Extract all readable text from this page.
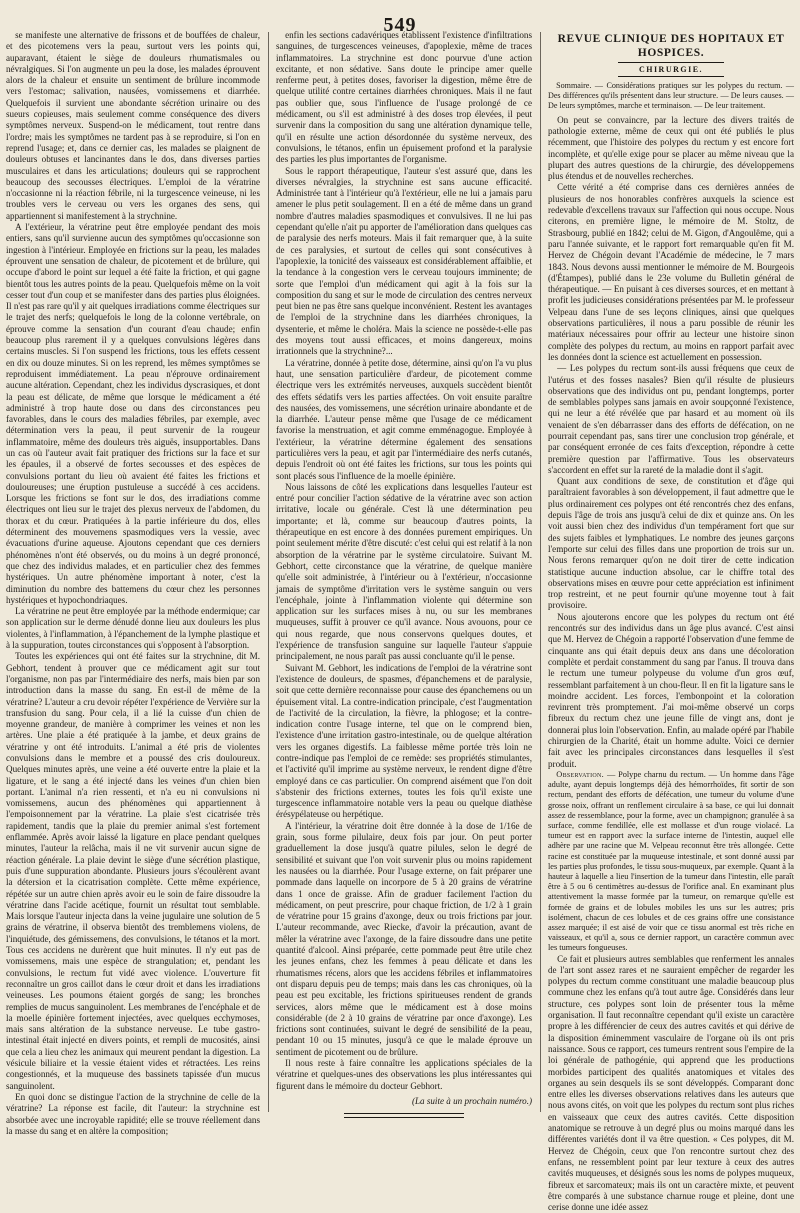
549

se manifeste une alternative de frissons et de bouffées de chaleur, et des picotemens vers la peau, surtout vers les points qui, auparavant, étaient le siège de douleurs rhumatismales ou névralgiques. Si l'on augmente un peu la dose, les malades éprouvent alors de la chaleur et ensuite un sentiment de brûlure incommode vers l'estomac; salivation, nausées, vomissemens et diarrhée. Quelquefois il survient une abondante sécrétion urinaire ou des sueurs copieuses, mais seulement comme conséquence des divers symptômes nerveux. Suspend-on le médicament, tout rentre dans l'ordre; mais les symptômes ne tardent pas à se reproduire, si l'on en reprend l'usage; et, dans ce dernier cas, les malades se plaignent de douleurs obtuses et lancinantes dans le dos, dans diverses parties musculaires et dans les articulations; douleurs qui se rapprochent beaucoup des secousses électriques. L'emploi de la vératrine n'occasionne ni la réaction fébrile, ni la turgescence veineuse, ni les troubles vers le cerveau ou vers les organes des sens, qui appartiennent si manifestement à la strychnine.

A l'extérieur, la vératrine peut être employée pendant des mois entiers, sans qu'il survienne aucun des symptômes qu'occasionne son ingestion à l'intérieur. Employée en frictions sur la peau, les malades éprouvent une sensation de chaleur, de picotement et de brûlure, qui occupe d'abord le point sur lequel a été faite la friction, et qui gagne bientôt tous les autres points de la peau. Quelquefois même on la voit cesser tout d'un coup et se manifester dans des parties plus éloignées. Il n'est pas rare qu'il y ait quelques irradiations comme électriques sur le trajet des nerfs; quelquefois le long de la colonne vertébrale, on éprouve comme la sensation d'un courant d'eau chaude; enfin beaucoup plus rarement il y a quelques convulsions légères dans certains muscles. Si l'on suspend les frictions, tous les effets cessent en dix ou douze minutes. Si on les reprend, les mêmes symptômes se reproduisent immédiatement. La peau n'éprouve ordinairement aucune altération. Cependant, chez les individus dyscrasiques, et dont la peau est délicate, de même que lorsque le médicament a été administré à trop haute dose ou dans des circonstances peu favorables, dans le cours des maladies fébriles, par exemple, avec détermination vers la peau, il peut survenir de la rougeur inflammatoire, même des douleurs très aiguës, insupportables. Dans un cas où l'auteur avait fait pratiquer des frictions sur la face et sur les épaules, il a observé de fortes secousses et des espèces de convulsions portant du lieu où avaient été faites les frictions et douloureuses; une éruption pustuleuse a succédé à ces accidens. Lorsque les frictions se font sur le dos, des irradiations comme électriques ont lieu sur le trajet des plexus nerveux de l'abdomen, du thorax et du cœur. Pratiquées à la partie inférieure du dos, elles déterminent des mouvemens spasmodiques vers la vessie, avec évacuations d'urine aqueuse. Ajoutons cependant que ces derniers phénomènes n'ont été observés, ou du moins à un degré prononcé, que chez des individus malades, et en particulier chez des femmes hystériques. Un autre phénomène important à noter, c'est la diminution du nombre des battemens du cœur chez les personnes hystériques et hypochondriaques.

La vératrine ne peut être employée par la méthode endermique; car son application sur le derme dénudé donne lieu aux douleurs les plus violentes, à l'inflammation, à l'épanchement de la lymphe plastique et à la suppuration, toutes circonstances qui s'opposent à l'absorption.

Toutes les expériences qui ont été faites sur la strychnine, dit M. Gebhort, tendent à prouver que ce médicament agit sur tout l'organisme, non pas par l'intermédiaire des nerfs, mais bien par son introduction dans la masse du sang. En est-il de même de la vératrine? L'auteur a cru devoir répéter l'expérience de Vervière sur la transfusion du sang. Pour cela, il a lié la cuisse d'un chien de moyenne grandeur, de manière à comprimer les veines et non les artères. Une plaie a été pratiquée à la jambe, et deux grains de vératrine y ont été introduits. L'animal a été pris de violentes convulsions dans le membre et a poussé des cris douloureux. Quelques minutes après, une veine a été ouverte entre la plaie et la ligature, et le sang a été injecté dans les veines d'un chien bien portant. L'animal n'a rien ressenti, et n'a eu ni convulsions ni vomissemens, aucun des phénomènes qui appartiennent à l'empoisonnement par la vératrine. La plaie s'est cicatrisée très rapidement, tandis que la plaie du premier animal s'est fortement enflammée. Après avoir laissé la ligature en place pendant quelques minutes, l'auteur la relâcha, mais il ne vit survenir aucun signe de réaction générale. La plaie devint le siège d'une sécrétion plastique, puis d'une suppuration abondante. Plusieurs jours s'écoulèrent avant la détersion et la cicatrisation complète. Cette même expérience, répétée sur un autre chien après avoir eu le soin de faire dissoudre la vératrine dans l'acide acétique, fournit un résultat tout semblable. Mais lorsque l'auteur injecta dans la veine jugulaire une solution de 5 grains de vératrine, il observa bientôt des tremblemens violens, de l'inquiétude, des gémissemens, des convulsions, le tétanos et la mort. Tous ces accidens ne durèrent que huit minutes. Il n'y eut pas de vomissemens, mais une espèce de strangulation; et, pendant les convulsions, le rectum fut vidé avec violence. L'ouverture fit reconnaître un gros caillot dans le cœur droit et dans les irradiations veineuses. Les poumons étaient gorgés de sang; les bronches remplies de mucus sanguinolent. Les membranes de l'encéphale et de la moelle épinière fortement injectées, avec quelques ecchymoses, mais sans altération de la substance nerveuse. Le tube gastro-intestinal était injecté en divers points, et rempli de mucosités, ainsi que cela a lieu chez les animaux qui meurent pendant la digestion. La vésicule biliaire et la vessie étaient vides et rétractées. Les reins congestionnés, et la muqueuse des bassinets tapissée d'un mucus sanguinolent.

En quoi donc se distingue l'action de la strychnine de celle de la vératrine? La réponse est facile, dit l'auteur: la strychnine est absorbée avec une incroyable rapidité; elle se trouve réellement dans la masse du sang et en altère la composition;

enfin les sections cadavériques établissent l'existence d'infiltrations sanguines, de turgescences veineuses, d'apoplexie, même de traces inflammatoires. La strychnine est donc pourvue d'une action excitante, et non sédative. Sans doute le principe amer quelle renferme peut, à petites doses, favoriser la digestion, même être de quelque utilité contre certaines diarrhées chroniques. Mais il ne faut pas oublier que, sous l'influence de l'usage prolongé de ce médicament, ou s'il est administré à des doses trop élevées, il peut survenir dans la composition du sang une altération dynamique telle, qu'il en résulte une action désordonnée du système nerveux, des convulsions, le tétanos, enfin un épuisement profond et la paralysie des parties les plus importantes de l'organisme.

Sous le rapport thérapeutique, l'auteur s'est assuré que, dans les diverses névralgies, la strychnine est sans aucune efficacité. Administrée tant à l'intérieur qu'à l'extérieur, elle ne lui a jamais paru amener le plus petit soulagement. Il en a été de même dans un grand nombre d'autres maladies spasmodiques et convulsives. Il ne lui pas cependant qu'elle n'ait pu apporter de l'amélioration dans quelques cas de paralysie des nerfs moteurs. Mais il fait remarquer que, à la suite de ces paralysies, et surtout de celles qui sont consécutives à l'apoplexie, la tonicité des vaisseaux est considérablement affaiblie, et la tendance à la congestion vers le cerveau toujours imminente; de sorte que l'emploi d'un médicament qui agit à la fois sur la composition du sang et sur le mode de circulation des centres nerveux peut bien ne pas être sans quelque inconvénient. Restent les avantages de l'emploi de la strychnine dans les diarrhées chroniques, la dysenterie, et même le choléra. Mais la science ne possède-t-elle pas des moyens tout aussi efficaces, et moins dangereux, moins irrationnels que la strychnine?...

La vératrine, donnée à petite dose, détermine, ainsi qu'on l'a vu plus haut, une sensation particulière d'ardeur, de picotement comme électrique vers les extrémités nerveuses, auxquels succèdent bientôt des effets sédatifs vers les parties affectées. On voit ensuite paraître des nausées, des vomissemens, une sécrétion urinaire abondante et de la diarrhée. L'auteur pense même que l'usage de ce médicament favorise la menstruation, et agit comme emménagogue. Employée à l'extérieur, la vératrine détermine également des sensations particulières vers la peau, et agit par l'intermédiaire des nerfs cutanés, depuis l'endroit où ont été faites les frictions, sur tous les points qui sont placés sous l'influence de la moelle épinière.

Nous laissons de côté les explications dans lesquelles l'auteur est entré pour concilier l'action sédative de la vératrine avec son action irritative, locale ou générale. C'est là une détermination peu importante; et là, comme sur beaucoup d'autres points, la thérapeutique en est encore à des données purement empiriques. Un point seulement mérite d'être discuté: c'est celui qui est relatif à la non absorption de la vératrine par le système circulatoire. Suivant M. Gebhort, cette circonstance que la vératrine, de quelque manière qu'elle soit administrée, à l'intérieur ou à l'extérieur, n'occasionne jamais de symptôme d'irritation vers le système sanguin ou vers l'encéphale, jointe à l'inflammation violente qui détermine son application sur les surfaces mises à nu, ou sur les membranes muqueuses, suffit à prouver ce qu'il avance. Nous avouons, pour ce qui nous regarde, que nous conservons quelques doutes, et l'expérience de transfusion sanguine sur laquelle l'auteur s'appuie principalement, ne nous paraît pas aussi concluante qu'il le pense.

Suivant M. Gebhort, les indications de l'emploi de la vératrine sont l'existence de douleurs, de spasmes, d'épanchemens et de paralysie, soit que cette dernière reconnaisse pour cause des épanchemens ou un épuisement vital. La contre-indication principale, c'est l'augmentation de l'activité de la circulation, la fièvre, la phlogose; et la contre-indication contre l'usage interne, tel que on le comprend bien, l'existence d'une irritation gastro-intestinale, ou de quelque altération vers les organes digestifs. La faiblesse même portée très loin ne contre-indique pas l'emploi de ce remède: ses propriétés stimulantes, et l'activité qu'il imprime au système nerveux, le rendent digne d'être employé dans ce cas particulier. On comprend aisément que l'on doit s'abstenir des frictions externes, toutes les fois qu'il existe une turgescence inflammatoire notable vers la peau ou quelque diathèse érésypélateuse ou herpétique.

A l'intérieur, la vératrine doit être donnée à la dose de 1/16e de grain, sous forme pilulaire, deux fois par jour. On peut porter graduellement la dose jusqu'à quatre pilules, selon le degré de sensibilité et suivant que l'on voit survenir plus ou moins rapidement les nausées ou la diarrhée. Pour l'usage externe, on fait préparer une pommade dans laquelle on incorpore de 5 à 20 grains de vératrine dans 1 once de graisse. Afin de graduer facilement l'action du médicament, on peut prescrire, pour chaque friction, de 1/2 à 1 grain de vératrine pour 15 grains d'axonge, deux ou trois frictions par jour. L'auteur recommande, avec Riecke, d'avoir la précaution, avant de mêler la vératrine avec l'axonge, de la faire dissoudre dans une petite quantité d'alcool. Ainsi préparée, cette pommade peut être utile chez les jeunes enfans, chez les femmes à peau délicate et dans les rhumatismes récens, alors que les accidens fébriles et inflammatoires ont disparu depuis peu de temps; mais dans les cas chroniques, où la peau est peu excitable, les frictions spiritueuses rendent de grands services, alors même que le médicament est à dose moins considérable (de 2 à 10 grains de vératrine par once d'axonge). Les frictions sont continuées, suivant le degré de sensibilité de la peau, pendant 10 ou 15 minutes, jusqu'à ce que le malade éprouve un sentiment de picotement ou de brûlure.

Il nous reste à faire connaître les applications spéciales de la vératrine et quelques-unes des observations les plus intéressantes qui figurent dans le mémoire du docteur Gebhort.

(La suite à un prochain numéro.)

REVUE CLINIQUE DES HOPITAUX ET HOSPICES.
CHIRURGIE.

Sommaire. — Considérations pratiques sur les polypes du rectum. — Des différences qu'ils présentent dans leur structure. — De leurs causes. — De leurs symptômes, marche et terminaison. — De leur traitement.

On peut se convaincre, par la lecture des divers traités de pathologie externe, même de ceux qui ont été publiés le plus récemment, que l'histoire des polypes du rectum y est encore fort incomplète, et qu'elle exige pour se placer au même niveau que la plupart des autres questions de la chirurgie, des développemens plus étendus et de nouvelles recherches.

Cette vérité a été comprise dans ces dernières années de plusieurs de nos honorables confrères auxquels la science est redevable d'excellens travaux sur l'affection qui nous occupe. Nous citerons, en première ligne, le mémoire de M. Stoltz, de Strasbourg, publié en 1842; celui de M. Gigon, d'Angoulême, qui a paru l'année suivante, et le rapport fort remarquable qu'en fit M. Hervez de Chégoin devant l'Académie de médecine, le 7 mars 1843. Nous devons aussi mentionner le mémoire de M. Bourgeois (d'Étampes), publié dans le 23e volume du Bulletin général de thérapeutique. — En puisant à ces diverses sources, et en mettant à profit les judicieuses considérations présentées par M. le professeur Velpeau dans l'une de ses leçons cliniques, ainsi que quelques observations particulières, il nous a paru possible de réunir les matériaux nécessaires pour offrir au lecteur une histoire sinon complète des polypes du rectum, au moins en rapport parfait avec les données dont la science est actuellement en possession.

— Les polypes du rectum sont-ils aussi fréquens que ceux de l'utérus et des fosses nasales? Bien qu'il résulte de plusieurs observations que des individus ont pu, pendant longtemps, porter de semblables polypes sans jamais en avoir soupçonné l'existence, qui ne leur a été révélée que par hasard et au moment où ils venaient de s'en débarrasser dans des efforts de défécation, on ne pourrait cependant pas, sans tirer une conclusion trop générale, et par conséquent erronée de ces faits d'exception, répondre à cette première question par l'affirmative. Tous les observateurs s'accordent en effet sur la rareté de la maladie dont il s'agit.

Quant aux conditions de sexe, de constitution et d'âge qui paraîtraient favorables à son développement, il faut admettre que le plus ordinairement ces polypes ont été rencontrés chez des enfans, depuis l'âge de trois ans jusqu'à celui de dix et quinze ans. On les voit aussi bien chez des individus d'un tempérament fort que sur des sujets faibles et lymphatiques. Le nombre des jeunes garçons l'emporte sur celui des filles dans une proportion de trois sur un. Nous ferons remarquer qu'on ne doit tirer de cette indication statistique aucune induction absolue, car le chiffre total des observations mises en œuvre pour cette appréciation est infiniment trop restreint, et ne peut fournir qu'une moyenne tout à fait provisoire.

Nous ajouterons encore que les polypes du rectum ont été rencontrés sur des individus dans un âge plus avancé. C'est ainsi que M. Hervez de Chégoin a rapporté l'observation d'une femme de cinquante ans qui était depuis deux ans dans une décoloration complète et perdait constamment du sang par l'anus. Il trouva dans le rectum une tumeur polypeuse du volume d'un gros œuf, ressemblant parfaitement à un chou-fleur. Il en fit la ligature sans le moindre accident. Les forces, l'embonpoint et la coloration revinrent très promptement. J'ai moi-même observé un corps fibreux du rectum chez une jeune fille de vingt ans, dont je donnerai plus loin l'observation. Enfin, au malade opéré par l'habile chirurgien de la Charité, était un homme adulte. Voici ce dernier fait avec les principales circonstances dans lesquelles il s'est produit.

Observation. — Polype charnu du rectum. — Un homme dans l'âge adulte, ayant depuis longtemps déjà des hémorrhoïdes, fit sortir de son rectum, pendant des efforts de défécation, une tumeur du volume d'une grosse noix, offrant un renflement circulaire à sa base, ce qui lui donnait assez de ressemblance, pour la forme, avec un champignon; granulée à sa surface, comme fendillée, elle est mollasse et d'un rouge violacé. La tumeur est en rapport avec la surface interne de l'intestin, auquel elle adhère par une racine que M. Velpeau reconnut être très allongée. Cette racine est constituée par la muqueuse intestinale, et sont donné aussi par les parties plus profondes, le tissu sous-muqueux, par exemple. Quant à la hauteur à laquelle a lieu l'insertion de la tumeur dans l'intestin, elle paraît être à 5 ou 6 centimètres au-dessus de l'orifice anal. En examinant plus attentivement la masse formée par la tumeur, on remarque qu'elle est formée de grains et de lobules mobiles les uns sur les autres; pris isolément, chacun de ces lobules et de ces grains offre une consistance assez marquée; il est aisé de voir que ce tissu anormal est très riche en vaisseaux, et qu'il a, sous ce dernier rapport, un caractère commun avec les tumeurs fongueuses.

Ce fait et plusieurs autres semblables que renferment les annales de l'art sont assez rares et ne sauraient empêcher de regarder les polypes du rectum comme constituant une maladie beaucoup plus commune chez les enfans qu'à tout autre âge. Considérés dans leur structure, ces polypes sont loin de présenter tous la même organisation. Il faut reconnaître cependant qu'il existe un caractère propre à les différencier de ceux des autres cavités et qui dérive de la disposition éminemment vasculaire de l'organe où ils ont pris naissance. Sous ce rapport, ces tumeurs rentrent sous l'empire de la loi générale de pathogénie, qui apprend que les productions morbides participent des qualités anatomiques et vitales des organes au sein desquels ils se sont développés. Comparant donc entre elles les diverses observations relatives dans les auteurs que nous avons cités, on voit que les polypes du rectum sont plus riches en vaisseaux que ceux des autres cavités. Cette disposition anatomique se retrouve à un degré plus ou moins marqué dans les différentes variétés dont il va être question. « Ces polypes, dit M. Hervez de Chégoin, ceux que l'on rencontre surtout chez des enfans, ne ressemblent point par leur texture à ceux des autres cavités muqueuses, et désignés sous les noms de polypes muqueux, fibreux et sarcomateux; mais ils ont un caractère mixte, et peuvent être comparés à une substance charnue rouge et pleine, dont une cerise donne une idée assez
